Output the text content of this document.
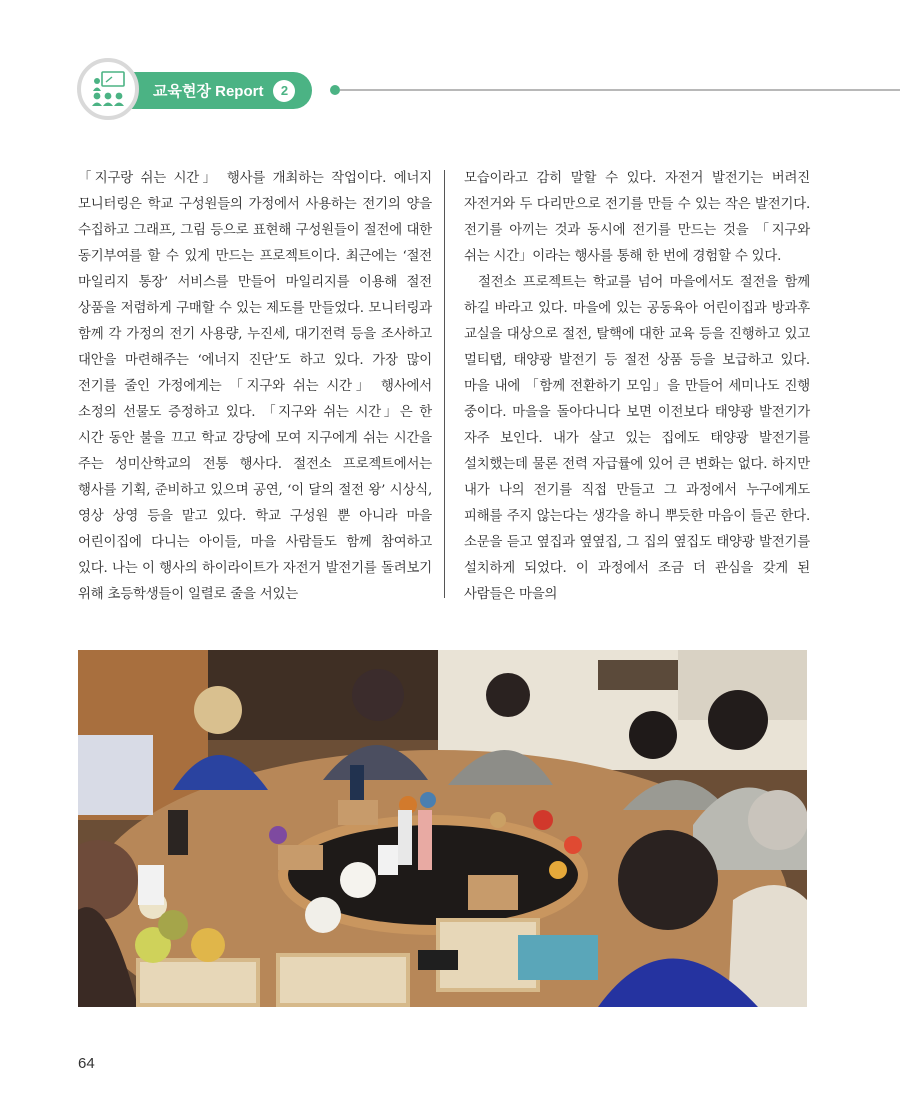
교육현장 Report	2

「지구랑 쉬는 시간」 행사를 개최하는 작업이다. 에너지 모니터링은 학교 구성원들의 가정에서 사용하는 전기의 양을 수집하고 그래프, 그림 등으로 표현해 구성원들이 절전에 대한 동기부여를 할 수 있게 만드는 프로젝트이다. 최근에는 ‘절전 마일리지 통장’ 서비스를 만들어 마일리지를 이용해 절전 상품을 저렴하게 구매할 수 있는 제도를 만들었다. 모니터링과 함께 각 가정의 전기 사용량, 누진세, 대기전력 등을 조사하고 대안을 마련해주는 ‘에너지 진단’도 하고 있다. 가장 많이 전기를 줄인 가정에게는 「지구와 쉬는 시간」 행사에서 소정의 선물도 증정하고 있다. 「지구와 쉬는 시간」은 한 시간 동안 불을 끄고 학교 강당에 모여 지구에게 쉬는 시간을 주는 성미산학교의 전통 행사다. 절전소 프로젝트에서는 행사를 기획, 준비하고 있으며 공연, ‘이 달의 절전 왕’ 시상식, 영상 상영 등을 맡고 있다. 학교 구성원 뿐 아니라 마을 어린이집에 다니는 아이들, 마을 사람들도 함께 참여하고 있다. 나는 이 행사의 하이라이트가 자전거 발전기를 돌려보기 위해 초등학생들이 일렬로 줄을 서있는

모습이라고 감히 말할 수 있다. 자전거 발전기는 버려진 자전거와 두 다리만으로 전기를 만들 수 있는 작은 발전기다. 전기를 아끼는 것과 동시에 전기를 만드는 것을 「지구와 쉬는 시간」이라는 행사를 통해 한 번에 경험할 수 있다.

절전소 프로젝트는 학교를 넘어 마을에서도 절전을 함께 하길 바라고 있다. 마을에 있는 공동육아 어린이집과 방과후 교실을 대상으로 절전, 탈핵에 대한 교육 등을 진행하고 있고 멀티탭, 태양광 발전기 등 절전 상품 등을 보급하고 있다. 마을 내에 「함께 전환하기 모임」을 만들어 세미나도 진행 중이다. 마을을 돌아다니다 보면 이전보다 태양광 발전기가 자주 보인다. 내가 살고 있는 집에도 태양광 발전기를 설치했는데 물론 전력 자급률에 있어 큰 변화는 없다. 하지만 내가 나의 전기를 직접 만들고 그 과정에서 누구에게도 피해를 주지 않는다는 생각을 하니 뿌듯한 마음이 들곤 한다. 소문을 듣고 옆집과 옆옆집, 그 집의 옆집도 태양광 발전기를 설치하게 되었다. 이 과정에서 조금 더 관심을 갖게 된 사람들은 마을의

64
